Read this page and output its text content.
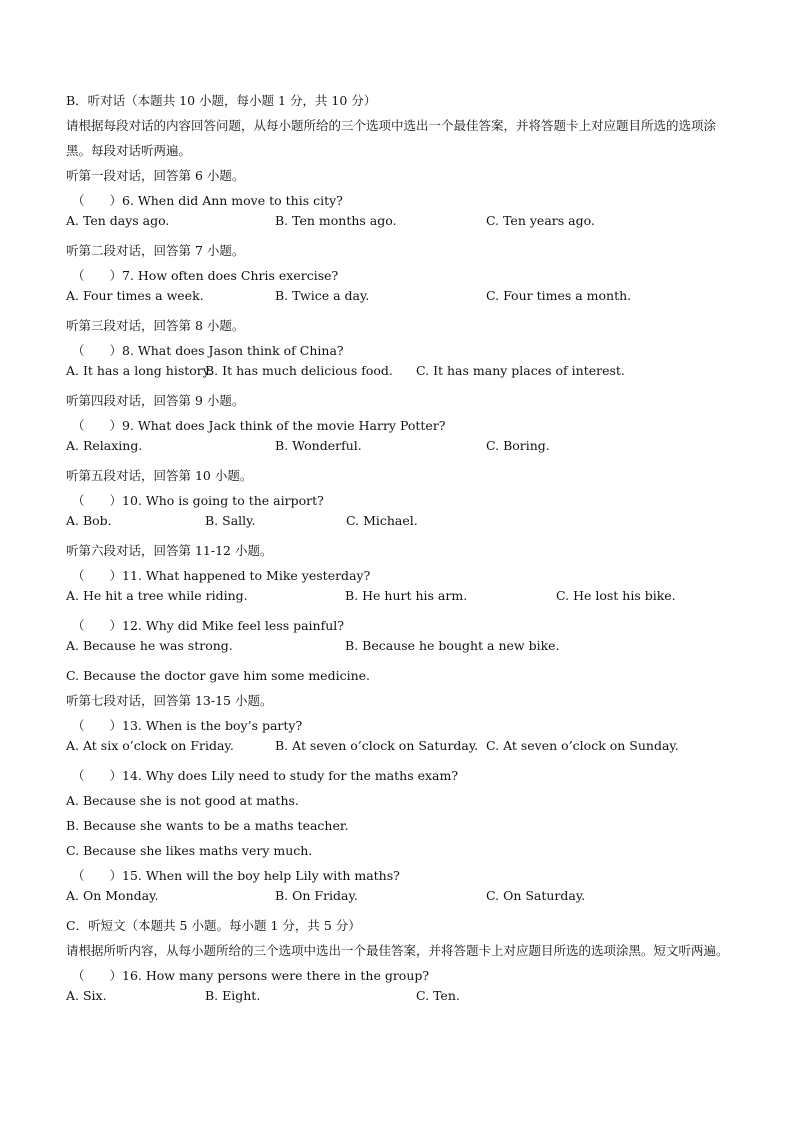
B．听对话（本题共 10 小题，每小题 1 分，共 10 分）
请根据每段对话的内容回答问题，从每小题所给的三个选项中选出一个最佳答案，并将答题卡上对应题目所选的选项涂黑。每段对话听两遍。
听第一段对话，回答第 6 小题。
（　　）6. When did Ann move to this city?
A. Ten days ago.	B. Ten months ago.	C. Ten years ago.
听第二段对话，回答第 7 小题。
（　　）7. How often does Chris exercise?
A. Four times a week.	B. Twice a day.	C. Four times a month.
听第三段对话，回答第 8 小题。
（　　）8. What does Jason think of China?
A. It has a long history.
B. It has much delicious food. C. It has many places of interest.
听第四段对话，回答第 9 小题。
（　　）9. What does Jack think of the movie Harry Potter?
A. Relaxing.	B. Wonderful.	C. Boring.
听第五段对话，回答第 10 小题。
（　　）10. Who is going to the airport?
A. Bob.	B. Sally.	C. Michael.
听第六段对话，回答第 11-12 小题。
（　　）11. What happened to Mike yesterday?
A. He hit a tree while riding.	B. He hurt his arm.	C. He lost his bike.
（　　）12. Why did Mike feel less painful?
A. Because he was strong.	B. Because he bought a new bike.
C. Because the doctor gave him some medicine.
听第七段对话，回答第 13-15 小题。
（　　）13. When is the boy’s party?
A. At six o’clock on Friday.	B. At seven o’clock on Saturday. C. At seven o’clock on Sunday.
（　　）14. Why does Lily need to study for the maths exam?
A. Because she is not good at maths.
B. Because she wants to be a maths teacher.
C. Because she likes maths very much.
（　　）15. When will the boy help Lily with maths?
A. On Monday.	B. On Friday.	C. On Saturday.
C．听短文（本题共 5 小题。每小题 1 分，共 5 分）
请根据所听内容，从每小题所给的三个选项中选出一个最佳答案，并将答题卡上对应题目所选的选项涂黑。短文听两遍。
（　　）16. How many persons were there in the group?
A. Six.	B. Eight.	C. Ten.
